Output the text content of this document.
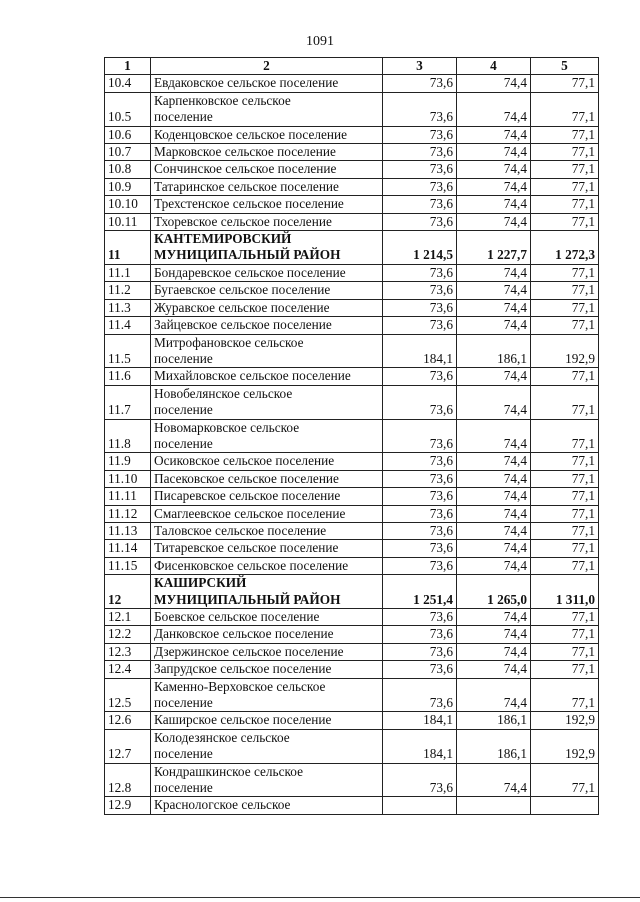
1091
1	2	3	4	5
10.4	Евдаковское сельское поселение	73,6	74,4	77,1
10.5	Карпенковское сельское
поселение	73,6	74,4	77,1
10.6	Коденцовское сельское поселение	73,6	74,4	77,1
10.7	Марковское сельское поселение	73,6	74,4	77,1
10.8	Сончинское сельское поселение	73,6	74,4	77,1
10.9	Татаринское сельское поселение	73,6	74,4	77,1
10.10	Трехстенское сельское поселение	73,6	74,4	77,1
10.11	Тхоревское сельское поселение	73,6	74,4	77,1
11	КАНТЕМИРОВСКИЙ
МУНИЦИПАЛЬНЫЙ РАЙОН	1 214,5	1 227,7	1 272,3
11.1	Бондаревское сельское поселение	73,6	74,4	77,1
11.2	Бугаевское сельское поселение	73,6	74,4	77,1
11.3	Журавское сельское поселение	73,6	74,4	77,1
11.4	Зайцевское сельское поселение	73,6	74,4	77,1
11.5	Митрофановское сельское
поселение	184,1	186,1	192,9
11.6	Михайловское сельское поселение	73,6	74,4	77,1
11.7	Новобелянское сельское
поселение	73,6	74,4	77,1
11.8	Новомарковское сельское
поселение	73,6	74,4	77,1
11.9	Осиковское сельское поселение	73,6	74,4	77,1
11.10	Пасековское сельское поселение	73,6	74,4	77,1
11.11	Писаревское сельское поселение	73,6	74,4	77,1
11.12	Смаглеевское сельское поселение	73,6	74,4	77,1
11.13	Таловское сельское поселение	73,6	74,4	77,1
11.14	Титаревское сельское поселение	73,6	74,4	77,1
11.15	Фисенковское сельское поселение	73,6	74,4	77,1
12	КАШИРСКИЙ
МУНИЦИПАЛЬНЫЙ РАЙОН	1 251,4	1 265,0	1 311,0
12.1	Боевское сельское поселение	73,6	74,4	77,1
12.2	Данковское сельское поселение	73,6	74,4	77,1
12.3	Дзержинское сельское поселение	73,6	74,4	77,1
12.4	Запрудское сельское поселение	73,6	74,4	77,1
12.5	Каменно-Верховское сельское
поселение	73,6	74,4	77,1
12.6	Каширское сельское поселение	184,1	186,1	192,9
12.7	Колодезянское сельское
поселение	184,1	186,1	192,9
12.8	Кондрашкинское сельское
поселение	73,6	74,4	77,1
12.9	Краснологское сельское			
